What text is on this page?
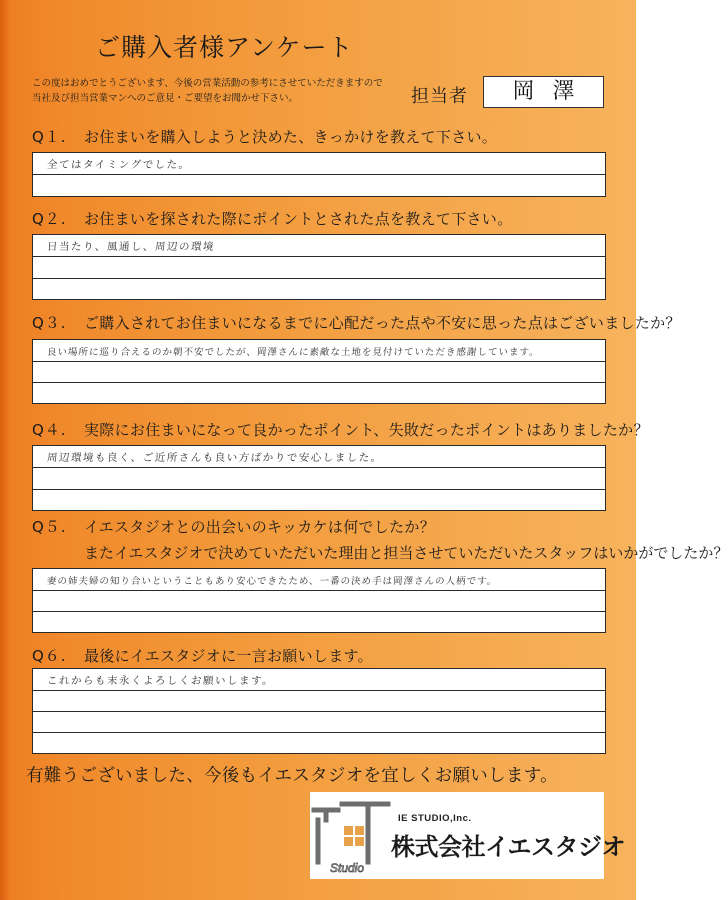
ご購入者様アンケート
この度はおめでとうございます、今後の営業活動の参考にさせていただきますので
当社及び担当営業マンへのご意見・ご要望をお聞かせ下さい。	担当者	岡澤
Q１. お住まいを購入しようと決めた、きっかけを教えて下さい。
全てはタイミングでした。
Q２. お住まいを探された際にポイントとされた点を教えて下さい。
日当たり、風通し、周辺の環境
Q３. ご購入されてお住まいになるまでに心配だった点や不安に思った点はございましたか？
良い場所に巡り合えるのか朝不安でしたが、岡澤さんに素敵な土地を見付けていただき感謝しています。
Q４. 実際にお住まいになって良かったポイント、失敗だったポイントはありましたか？
周辺環境も良く、ご近所さんも良い方ばかりで安心しました。
Q５. イエスタジオとの出会いのキッカケは何でしたか？
またイエスタジオで決めていただいた理由と担当させていただいたスタッフはいかがでしたか？
妻の姉夫婦の知り合いということもあり安心できたため、一番の決め手は岡澤さんの人柄です。
Q６. 最後にイエスタジオに一言お願いします。
これからも末永くよろしくお願いします。
有難うございました、今後もイエスタジオを宜しくお願いします。
Studio
IE STUDIO,Inc.
株式会社イエスタジオ
